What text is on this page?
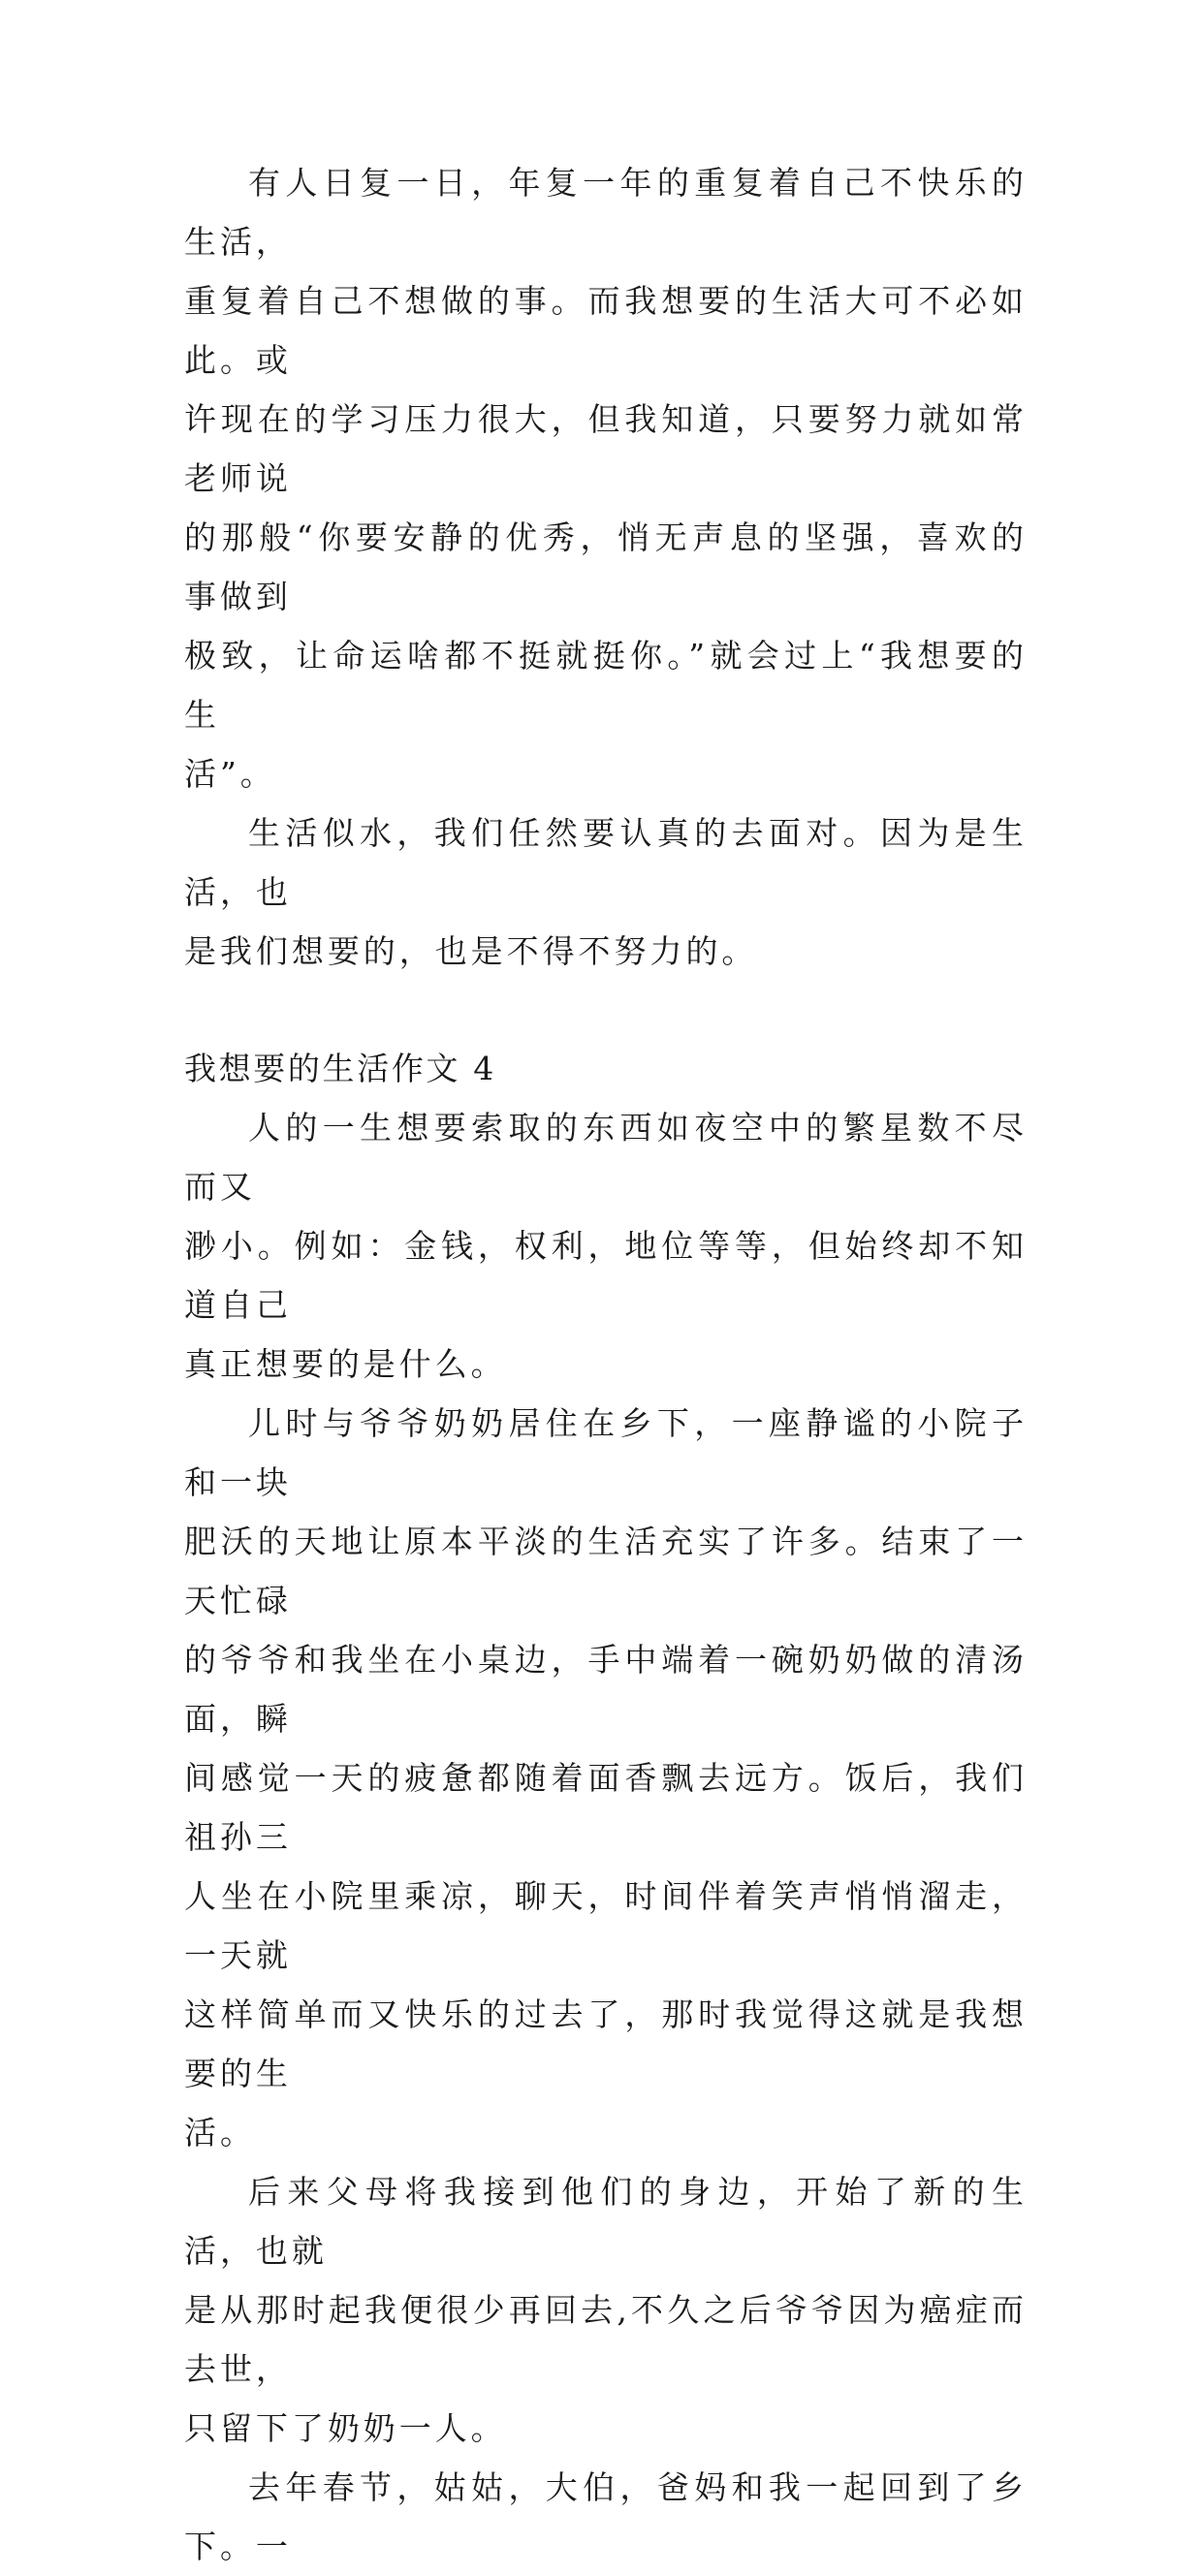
有人日复一日，年复一年的重复着自己不快乐的生活，
重复着自己不想做的事。而我想要的生活大可不必如此。或
许现在的学习压力很大，但我知道，只要努力就如常老师说
的那般“你要安静的优秀，悄无声息的坚强，喜欢的事做到
极致，让命运啥都不挺就挺你。”就会过上“我想要的生
活”。

生活似水，我们任然要认真的去面对。因为是生活，也
是我们想要的，也是不得不努力的。

我想要的生活作文 4

人的一生想要索取的东西如夜空中的繁星数不尽而又
渺小。例如：金钱，权利，地位等等，但始终却不知道自己
真正想要的是什么。

儿时与爷爷奶奶居住在乡下，一座静谧的小院子和一块
肥沃的天地让原本平淡的生活充实了许多。结束了一天忙碌
的爷爷和我坐在小桌边，手中端着一碗奶奶做的清汤面，瞬
间感觉一天的疲惫都随着面香飘去远方。饭后，我们祖孙三
人坐在小院里乘凉，聊天，时间伴着笑声悄悄溜走，一天就
这样简单而又快乐的过去了，那时我觉得这就是我想要的生
活。

后来父母将我接到他们的身边，开始了新的生活，也就
是从那时起我便很少再回去,不久之后爷爷因为癌症而去世，
只留下了奶奶一人。

去年春节，姑姑，大伯，爸妈和我一起回到了乡下。一
